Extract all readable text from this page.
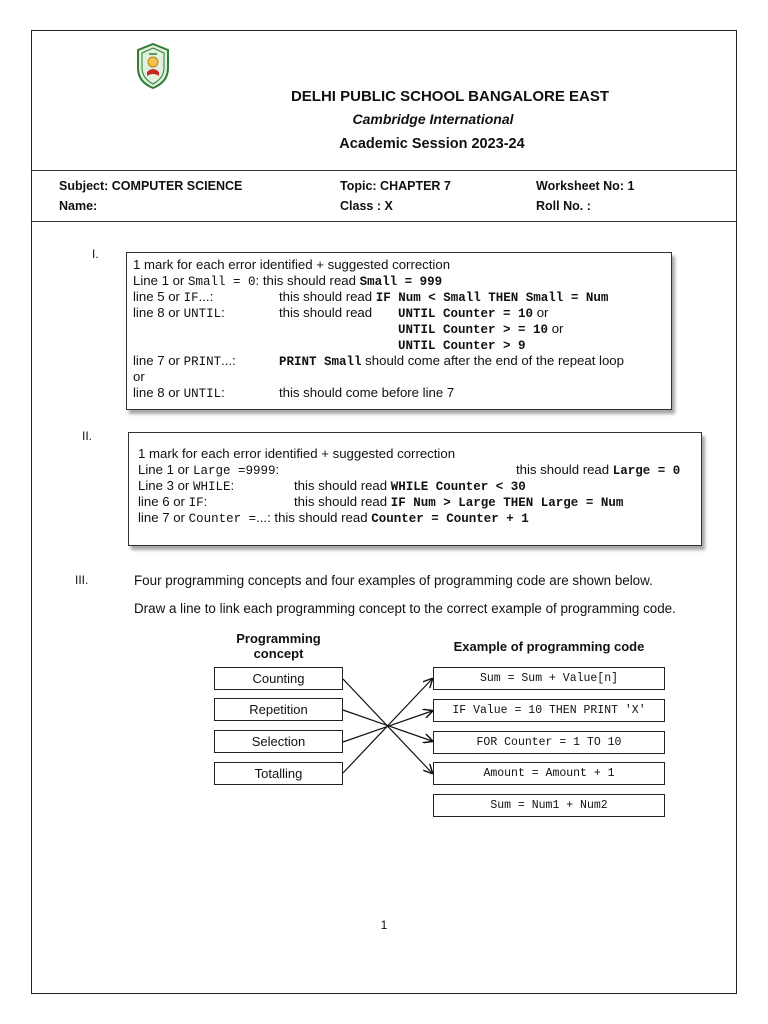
DELHI PUBLIC SCHOOL BANGALORE EAST
Cambridge International
Academic Session 2023-24
Subject: COMPUTER SCIENCE	Topic: CHAPTER 7	Worksheet No: 1
Name:	Class : X	Roll No. :
I.
1 mark for each error identified + suggested correction
Line 1 or Small = 0: this should read Small = 999
line 5 or IF...:	this should read IF Num < Small THEN Small = Num
line 8 or UNTIL:	this should read UNTIL Counter = 10 or
UNTIL Counter > = 10 or
UNTIL Counter > 9
line 7 or PRINT...:	PRINT Small should come after the end of the repeat loop
or
line 8 or UNTIL:	this should come before line 7
II.
1 mark for each error identified + suggested correction
Line 1 or Large =9999:	this should read Large = 0
Line 3 or WHILE:	this should read WHILE Counter < 30
line 6 or IF:	this should read IF Num > Large THEN Large = Num
line 7 or Counter =...: this should read Counter = Counter + 1
III.	Four programming concepts and four examples of programming code are shown below.
Draw a line to link each programming concept to the correct example of programming code.
Programming
concept	Example of programming code
Counting
Repetition
Selection
Totalling
Sum = Sum + Value[n]
IF Value = 10 THEN PRINT 'X'
FOR Counter = 1 TO 10
Amount = Amount + 1
Sum = Num1 + Num2
1
